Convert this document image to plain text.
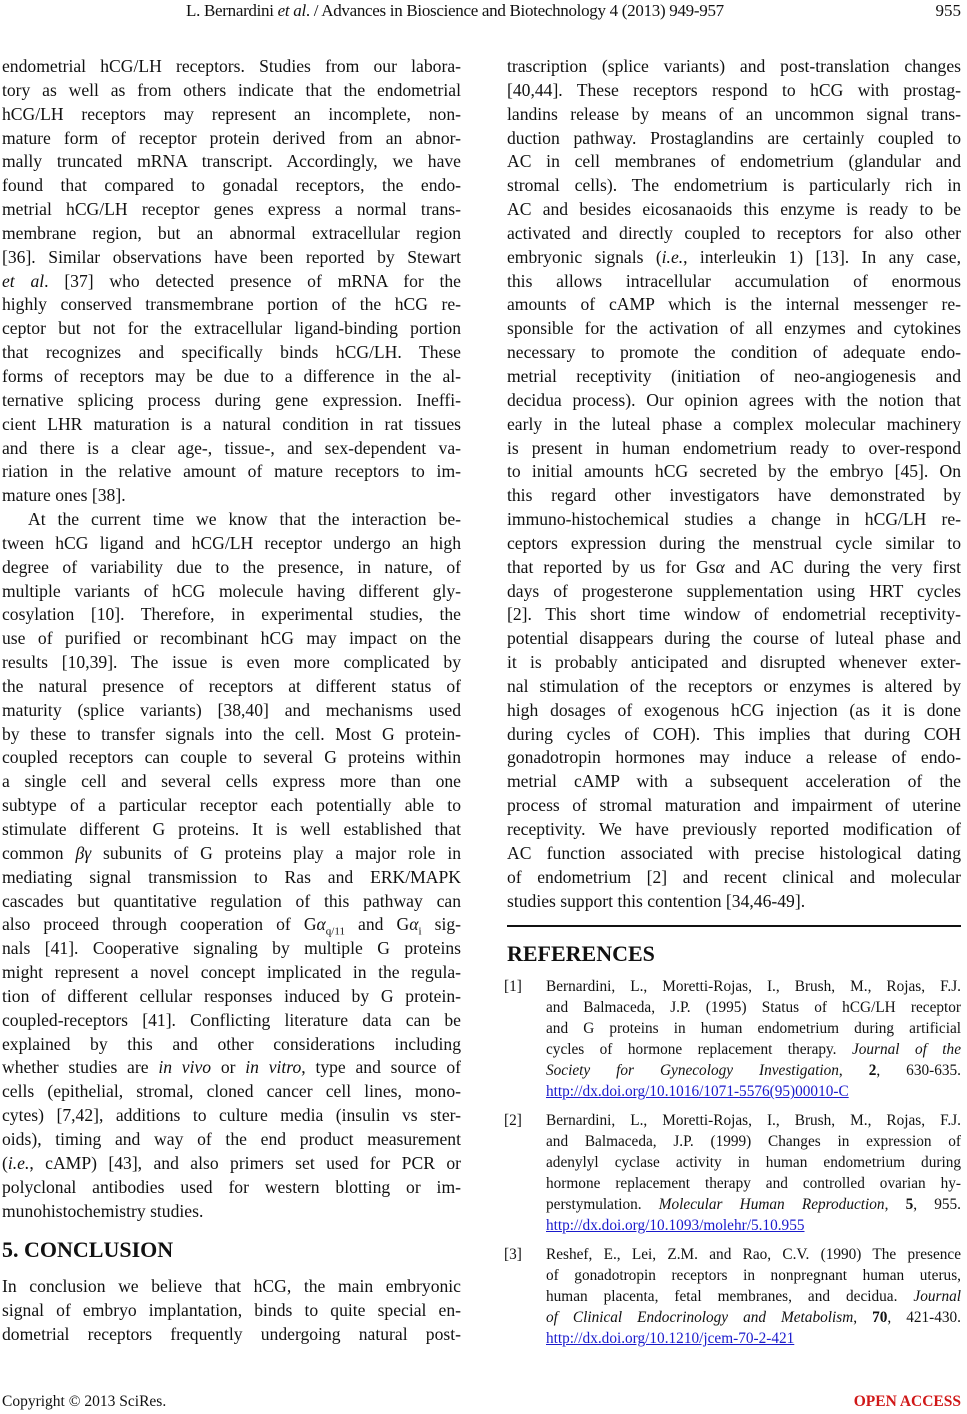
L. Bernardini et al. / Advances in Bioscience and Biotechnology 4 (2013) 949-957	955
endometrial hCG/LH receptors. Studies from our labora-
tory as well as from others indicate that the endometrial
hCG/LH receptors may represent an incomplete, non-
mature form of receptor protein derived from an abnor-
mally truncated mRNA transcript. Accordingly, we have
found that compared to gonadal receptors, the endo-
metrial hCG/LH receptor genes express a normal trans-
membrane region, but an abnormal extracellular region
[36]. Similar observations have been reported by Stewart
et al. [37] who detected presence of mRNA for the
highly conserved transmembrane portion of the hCG re-
ceptor but not for the extracellular ligand-binding portion
that recognizes and specifically binds hCG/LH. These
forms of receptors may be due to a difference in the al-
ternative splicing process during gene expression. Ineffi-
cient LHR maturation is a natural condition in rat tissues
and there is a clear age-, tissue-, and sex-dependent va-
riation in the relative amount of mature receptors to im-
mature ones [38].
At the current time we know that the interaction be-
tween hCG ligand and hCG/LH receptor undergo an high
degree of variability due to the presence, in nature, of
multiple variants of hCG molecule having different gly-
cosylation [10]. Therefore, in experimental studies, the
use of purified or recombinant hCG may impact on the
results [10,39]. The issue is even more complicated by
the natural presence of receptors at different status of
maturity (splice variants) [38,40] and mechanisms used
by these to transfer signals into the cell. Most G protein-
coupled receptors can couple to several G proteins within
a single cell and several cells express more than one
subtype of a particular receptor each potentially able to
stimulate different G proteins. It is well established that
common βγ subunits of G proteins play a major role in
mediating signal transmission to Ras and ERK/MAPK
cascades but quantitative regulation of this pathway can
also proceed through cooperation of $G\alpha_{q/11}$ and $G\alpha_i$ sig-
nals [41]. Cooperative signaling by multiple G proteins
might represent a novel concept implicated in the regula-
tion of different cellular responses induced by G protein-
coupled-receptors [41]. Conflicting literature data can be
explained by this and other considerations including
whether studies are in vivo or in vitro, type and source of
cells (epithelial, stromal, cloned cancer cell lines, mono-
cytes) [7,42], additions to culture media (insulin vs ster-
oids), timing and way of the end product measurement
(i.e., cAMP) [43], and also primers set used for PCR or
polyclonal antibodies used for western blotting or im-
munohistochemistry studies.
5. CONCLUSION
In conclusion we believe that hCG, the main embryonic
signal of embryo implantation, binds to quite special en-
dometrial receptors frequently undergoing natural post-
trascription (splice variants) and post-translation changes
[40,44]. These receptors respond to hCG with prostag-
landins release by means of an uncommon signal trans-
duction pathway. Prostaglandins are certainly coupled to
AC in cell membranes of endometrium (glandular and
stromal cells). The endometrium is particularly rich in
AC and besides eicosanaoids this enzyme is ready to be
activated and directly coupled to receptors for also other
embryonic signals (i.e., interleukin 1) [13]. In any case,
this allows intracellular accumulation of enormous
amounts of cAMP which is the internal messenger re-
sponsible for the activation of all enzymes and cytokines
necessary to promote the condition of adequate endo-
metrial receptivity (initiation of neo-angiogenesis and
decidua process). Our opinion agrees with the notion that
early in the luteal phase a complex molecular machinery
is present in human endometrium ready to over-respond
to initial amounts hCG secreted by the embryo [45]. On
this regard other investigators have demonstrated by
immuno-histochemical studies a change in hCG/LH re-
ceptors expression during the menstrual cycle similar to
that reported by us for Gsα and AC during the very first
days of progesterone supplementation using HRT cycles
[2]. This short time window of endometrial receptivity-
potential disappears during the course of luteal phase and
it is probably anticipated and disrupted whenever exter-
nal stimulation of the receptors or enzymes is altered by
high dosages of exogenous hCG injection (as it is done
during cycles of COH). This implies that during COH
gonadotropin hormones may induce a release of endo-
metrial cAMP with a subsequent acceleration of the
process of stromal maturation and impairment of uterine
receptivity. We have previously reported modification of
AC function associated with precise histological dating
of endometrium [2] and recent clinical and molecular
studies support this contention [34,46-49].
REFERENCES
[1] Bernardini, L., Moretti-Rojas, I., Brush, M., Rojas, F.J.
and Balmaceda, J.P. (1995) Status of hCG/LH receptor
and G proteins in human endometrium during artificial
cycles of hormone replacement therapy. Journal of the
Society for Gynecology Investigation, 2, 630-635.
http://dx.doi.org/10.1016/1071-5576(95)00010-C
[2] Bernardini, L., Moretti-Rojas, I., Brush, M., Rojas, F.J.
and Balmaceda, J.P. (1999) Changes in expression of
adenylyl cyclase activity in human endometrium during
hormone replacement therapy and controlled ovarian hy-
perstymulation. Molecular Human Reproduction, 5, 955.
http://dx.doi.org/10.1093/molehr/5.10.955
[3] Reshef, E., Lei, Z.M. and Rao, C.V. (1990) The presence
of gonadotropin receptors in nonpregnant human uterus,
human placenta, fetal membranes, and decidua. Journal
of Clinical Endocrinology and Metabolism, 70, 421-430.
http://dx.doi.org/10.1210/jcem-70-2-421
Copyright © 2013 SciRes.	OPEN ACCESS
